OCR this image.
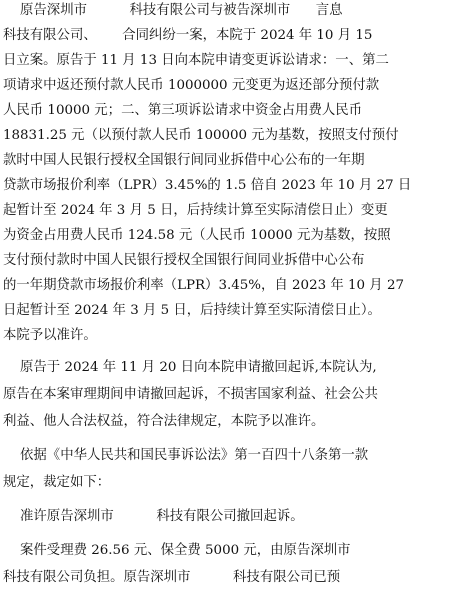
原告深圳市          科技有限公司与被告深圳市      言息
科技有限公司、      合同纠纷一案，本院于 2024 年 10 月 15
日立案。原告于 11 月 13 日向本院申请变更诉讼请求：一、第二
项请求中返还预付款人民币 1000000 元变更为返还部分预付款
人民币 10000 元；二、第三项诉讼请求中资金占用费人民币
18831.25 元（以预付款人民币 100000 元为基数，按照支付预付
款时中国人民银行授权全国银行间同业拆借中心公布的一年期
贷款市场报价利率（LPR）3.45%的 1.5 倍自 2023 年 10 月 27 日
起暂计至 2024 年 3 月 5 日，后持续计算至实际清偿日止）变更
为资金占用费人民币 124.58 元（人民币 10000 元为基数，按照
支付预付款时中国人民银行授权全国银行间同业拆借中心公布
的一年期贷款市场报价利率（LPR）3.45%，自 2023 年 10 月 27
日起暂计至 2024 年 3 月 5 日，后持续计算至实际清偿日止）。
本院予以准许。
原告于 2024 年 11 月 20 日向本院申请撤回起诉,本院认为,
原告在本案审理期间申请撤回起诉，不损害国家利益、社会公共
利益、他人合法权益，符合法律规定，本院予以准许。
依据《中华人民共和国民事诉讼法》第一百四十八条第一款
规定，裁定如下：
准许原告深圳市          科技有限公司撤回起诉。
案件受理费 26.56 元、保全费 5000 元，由原告深圳市
科技有限公司负担。原告深圳市          科技有限公司已预
